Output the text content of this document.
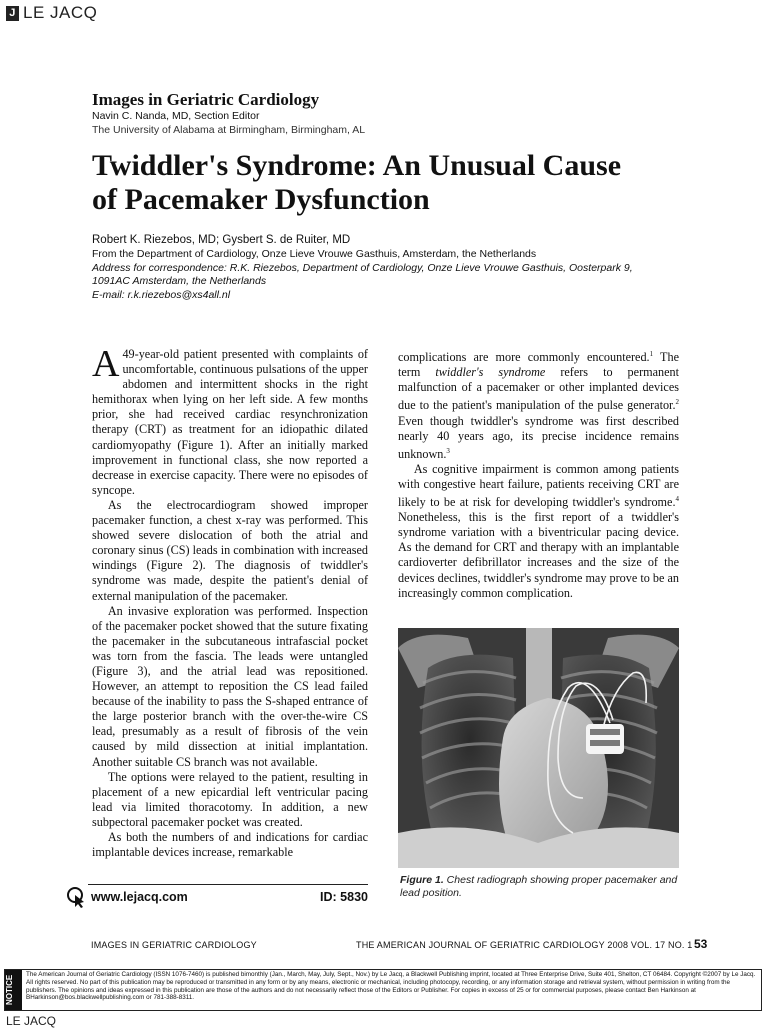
J LE JACQ
Images in Geriatric Cardiology
Navin C. Nanda, MD, Section Editor
The University of Alabama at Birmingham, Birmingham, AL
Twiddler's Syndrome: An Unusual Cause
of Pacemaker Dysfunction
Robert K. Riezebos, MD; Gysbert S. de Ruiter, MD
From the Department of Cardiology, Onze Lieve Vrouwe Gasthuis, Amsterdam, the Netherlands
Address for correspondence: R.K. Riezebos, Department of Cardiology, Onze Lieve Vrouwe Gasthuis, Oosterpark 9,
1091AC Amsterdam, the Netherlands
E-mail: r.k.riezebos@xs4all.nl

A 49-year-old patient presented with complaints of uncomfortable, continuous pulsations of the upper abdomen and intermittent shocks in the right hemithorax when lying on her left side. A few months prior, she had received cardiac resynchronization therapy (CRT) as treatment for an idiopathic dilated cardiomyopathy (Figure 1). After an initially marked improvement in functional class, she now reported a decrease in exercise capacity. There were no episodes of syncope.

As the electrocardiogram showed improper pacemaker function, a chest x-ray was performed. This showed severe dislocation of both the atrial and coronary sinus (CS) leads in combination with increased windings (Figure 2). The diagnosis of twiddler's syndrome was made, despite the patient's denial of external manipulation of the pacemaker.

An invasive exploration was performed. Inspection of the pacemaker pocket showed that the suture fixating the pacemaker in the subcutaneous intrafascial pocket was torn from the fascia. The leads were untangled (Figure 3), and the atrial lead was repositioned. However, an attempt to reposition the CS lead failed because of the inability to pass the S-shaped entrance of the large posterior branch with the over-the-wire CS lead, presumably as a result of fibrosis of the vein caused by mild dissection at initial implantation. Another suitable CS branch was not available.

The options were relayed to the patient, resulting in placement of a new epicardial left ventricular pacing lead via limited thoracotomy. In addition, a new subpectoral pacemaker pocket was created.

As both the numbers of and indications for cardiac implantable devices increase, remarkable

complications are more commonly encountered.$^1$ The term twiddler's syndrome refers to permanent malfunction of a pacemaker or other implanted devices due to the patient's manipulation of the pulse generator.$^2$ Even though twiddler's syndrome was first described nearly 40 years ago, its precise incidence remains unknown.$^3$

As cognitive impairment is common among patients with congestive heart failure, patients receiving CRT are likely to be at risk for developing twiddler's syndrome.$^4$ Nonetheless, this is the first report of a twiddler's syndrome variation with a biventricular pacing device. As the demand for CRT and therapy with an implantable cardioverter defibrillator increases and the size of the devices declines, twiddler's syndrome may prove to be an increasingly common complication.

Figure 1. Chest radiograph showing proper pacemaker and lead position.
www.lejacq.com	ID: 5830
IMAGES IN GERIATRIC CARDIOLOGY	THE AMERICAN JOURNAL OF GERIATRIC CARDIOLOGY 2008 VOL. 17 NO. 1 53
NOTICE
The American Journal of Geriatric Cardiology (ISSN 1076-7460) is published bimonthly (Jan., March, May, July, Sept., Nov.) by Le Jacq, a Blackwell Publishing imprint, located at Three Enterprise Drive, Suite 401, Shelton, CT 06484. Copyright ©2007 by Le Jacq. All rights reserved. No part of this publication may be reproduced or transmitted in any form or by any means, electronic or mechanical, including photocopy, recording, or any information storage and retrieval system, without permission in writing from the publishers. The opinions and ideas expressed in this publication are those of the authors and do not necessarily reflect those of the Editors or Publisher. For copies in excess of 25 or for commercial purposes, please contact Ben Harkinson at BHarkinson@bos.blackwellpublishing.com or 781-388-8311.
LE JACQ
